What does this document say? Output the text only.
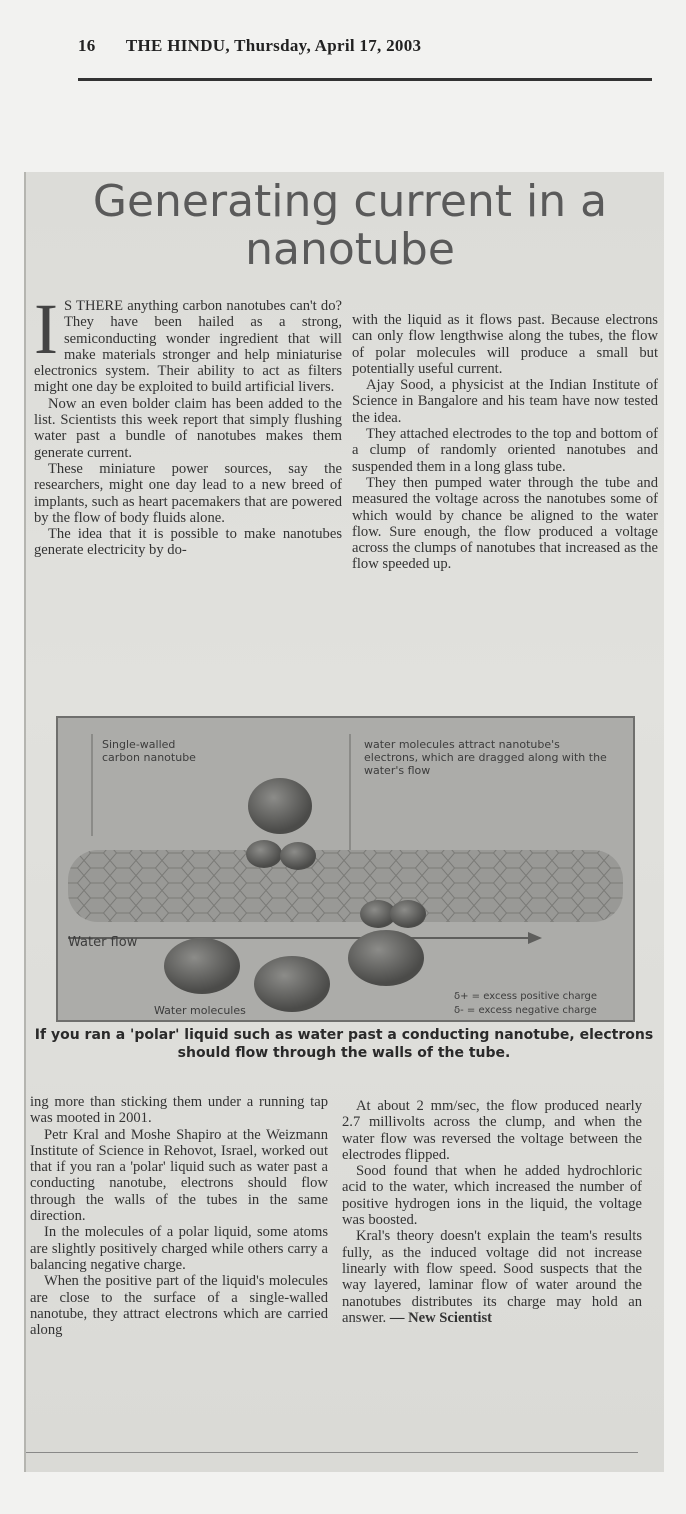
16 THE HINDU, Thursday, April 17, 2003
Generating current in a nanotube

I S THERE anything carbon nanotubes can't do? They have been hailed as a strong, semiconducting wonder ingredient that will make materials stronger and help miniaturise electronics system. Their ability to act as filters might one day be exploited to build artificial livers.

Now an even bolder claim has been added to the list. Scientists this week report that simply flushing water past a bundle of nanotubes makes them generate current.

These miniature power sources, say the researchers, might one day lead to a new breed of implants, such as heart pacemakers that are powered by the flow of body fluids alone.

The idea that it is possible to make nanotubes generate electricity by do-

with the liquid as it flows past. Because electrons can only flow lengthwise along the tubes, the flow of polar molecules will produce a small but potentially useful current.

Ajay Sood, a physicist at the Indian Institute of Science in Bangalore and his team have now tested the idea.

They attached electrodes to the top and bottom of a clump of randomly oriented nanotubes and suspended them in a long glass tube.

They then pumped water through the tube and measured the voltage across the nanotubes some of which would by chance be aligned to the water flow. Sure enough, the flow produced a voltage across the clumps of nanotubes that increased as the flow speeded up.

Single-walled carbon nanotube
water molecules attract nanotube's electrons, which are dragged along with the water's flow
Water flow
Water molecules
δ+ = excess positive charge
δ- = excess negative charge
If you ran a 'polar' liquid such as water past a conducting nanotube, electrons should flow through the walls of the tube.

ing more than sticking them under a running tap was mooted in 2001.

Petr Kral and Moshe Shapiro at the Weizmann Institute of Science in Rehovot, Israel, worked out that if you ran a 'polar' liquid such as water past a conducting nanotube, electrons should flow through the walls of the tubes in the same direction.

In the molecules of a polar liquid, some atoms are slightly positively charged while others carry a balancing negative charge.

When the positive part of the liquid's molecules are close to the surface of a single-walled nanotube, they attract electrons which are carried along

At about 2 mm/sec, the flow produced nearly 2.7 millivolts across the clump, and when the water flow was reversed the voltage between the electrodes flipped.

Sood found that when he added hydrochloric acid to the water, which increased the number of positive hydrogen ions in the liquid, the voltage was boosted.

Kral's theory doesn't explain the team's results fully, as the induced voltage did not increase linearly with flow speed. Sood suspects that the way layered, laminar flow of water around the nanotubes distributes its charge may hold an answer. — New Scientist
